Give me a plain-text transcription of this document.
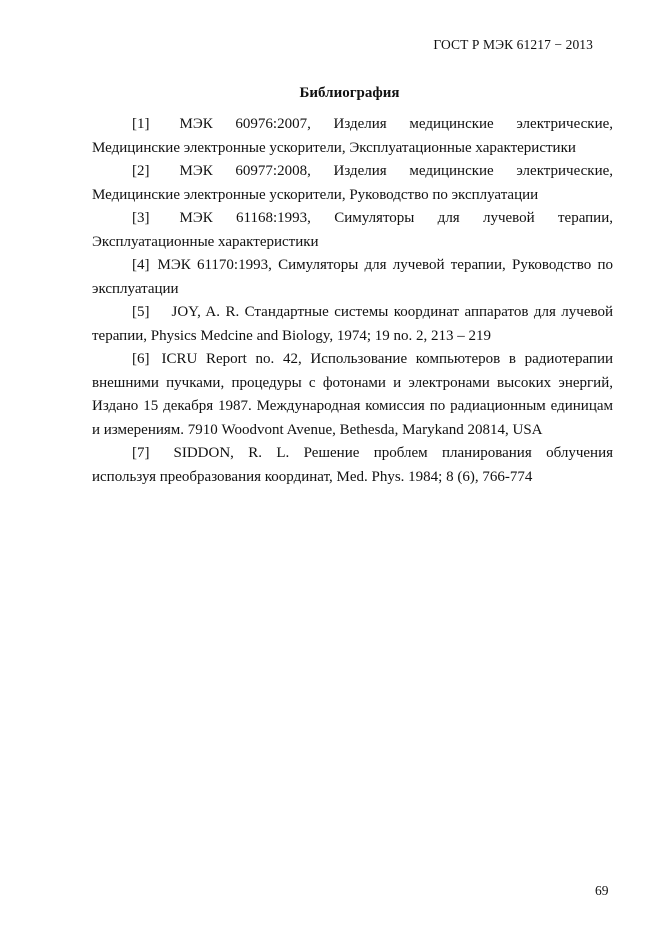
ГОСТ Р МЭК 61217 − 2013
Библиография

[1] МЭК 60976:2007, Изделия медицинские электрические, Медицинские электронные ускорители, Эксплуатационные характеристики

[2] МЭК 60977:2008, Изделия медицинские электрические, Медицинские электронные ускорители, Руководство по эксплуатации

[3] МЭК 61168:1993, Симуляторы для лучевой терапии, Эксплуатационные характеристики

[4] МЭК 61170:1993, Симуляторы для лучевой терапии, Руководство по эксплуатации

[5] JOY, A. R. Стандартные системы координат аппаратов для лучевой терапии, Physics Medcine and Biology, 1974; 19 no. 2, 213 – 219

[6] ICRU Report no. 42, Использование компьютеров в радиотерапии внешними пучками, процедуры с фотонами и электронами высоких энергий, Издано 15 декабря 1987. Международная комиссия по радиационным единицам и измерениям. 7910 Woodvont Avenue, Bethesda, Marykand 20814, USA

[7] SIDDON, R. L. Решение проблем планирования облучения используя преобразования координат, Med. Phys. 1984; 8 (6), 766-774

69
